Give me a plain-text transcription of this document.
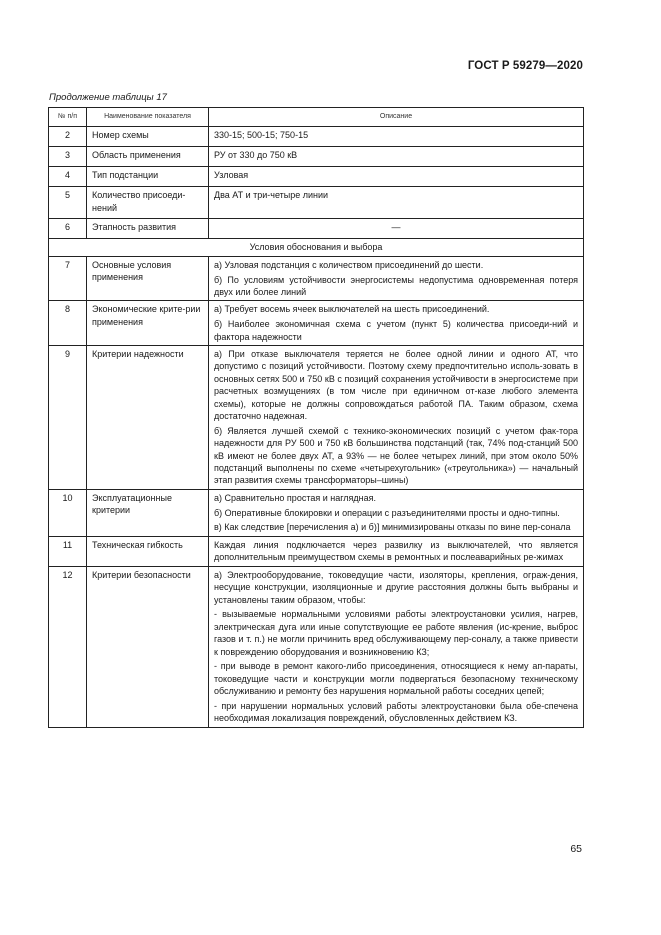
ГОСТ Р 59279—2020
Продолжение таблицы 17
№ п/п	Наименование показателя	Описание
2	Номер схемы	330-15; 500-15; 750-15

3	Область применения	РУ от 330 до 750 кВ

4	Тип подстанции	Узловая

5	Количество присоеди-нений	Два АТ и три-четыре линии

6	Этапность развития	—

Условия обоснования и выбора		
7	Основные условия применения	а) Узловая подстанция с количеством присоединений до шести.

б) По условиям устойчивости энергосистемы недопустима одновременная потеря двух или более линий

8	Экономические крите-рии применения	а) Требует восемь ячеек выключателей на шесть присоединений.

б) Наиболее экономичная схема с учетом (пункт 5) количества присоеди-ний и фактора надежности

9	Критерии надежности	а) При отказе выключателя теряется не более одной линии и одного АТ, что допустимо с позиций устойчивости. Поэтому схему предпочтительно исполь-зовать в основных сетях 500 и 750 кВ с позиций сохранения устойчивости в энергосистеме при расчетных возмущениях (в том числе при единичном от-казе любого элемента схемы), которые не должны сопровождаться работой ПА. Таким образом, схема достаточно надежная.

б) Является лучшей схемой с технико-экономических позиций с учетом фак-тора надежности для РУ 500 и 750 кВ большинства подстанций (так, 74% под-станций 500 кВ имеют не более двух АТ, а 93% — не более четырех линий, при этом около 50% подстанций выполнены по схеме «четырехугольник» («треугольника») — начальный этап развития схемы трансформаторы–шины)

10	Эксплуатационные критерии	а) Сравнительно простая и наглядная.

б) Оперативные блокировки и операции с разъединителями просты и одно-типны.

в) Как следствие [перечисления а) и б)] минимизированы отказы по вине пер-сонала

11	Техническая гибкость	Каждая линия подключается через развилку из выключателей, что является дополнительным преимуществом схемы в ремонтных и послеаварийных ре-жимах

12	Критерии безопасности	а) Электрооборудование, токоведущие части, изоляторы, крепления, ограж-дения, несущие конструкции, изоляционные и другие расстояния должны быть выбраны и установлены таким образом, чтобы:

- вызываемые нормальными условиями работы электроустановки усилия, нагрев, электрическая дуга или иные сопутствующие ее работе явления (ис-крение, выброс газов и т. п.) не могли причинить вред обслуживающему пер-соналу, а также привести к повреждению оборудования и возникновению КЗ;

- при выводе в ремонт какого-либо присоединения, относящиеся к нему ап-параты, токоведущие части и конструкции могли подвергаться безопасному техническому обслуживанию и ремонту без нарушения нормальной работы соседних цепей;

- при нарушении нормальных условий работы электроустановки была обе-спечена необходимая локализация повреждений, обусловленных действием КЗ.

65
